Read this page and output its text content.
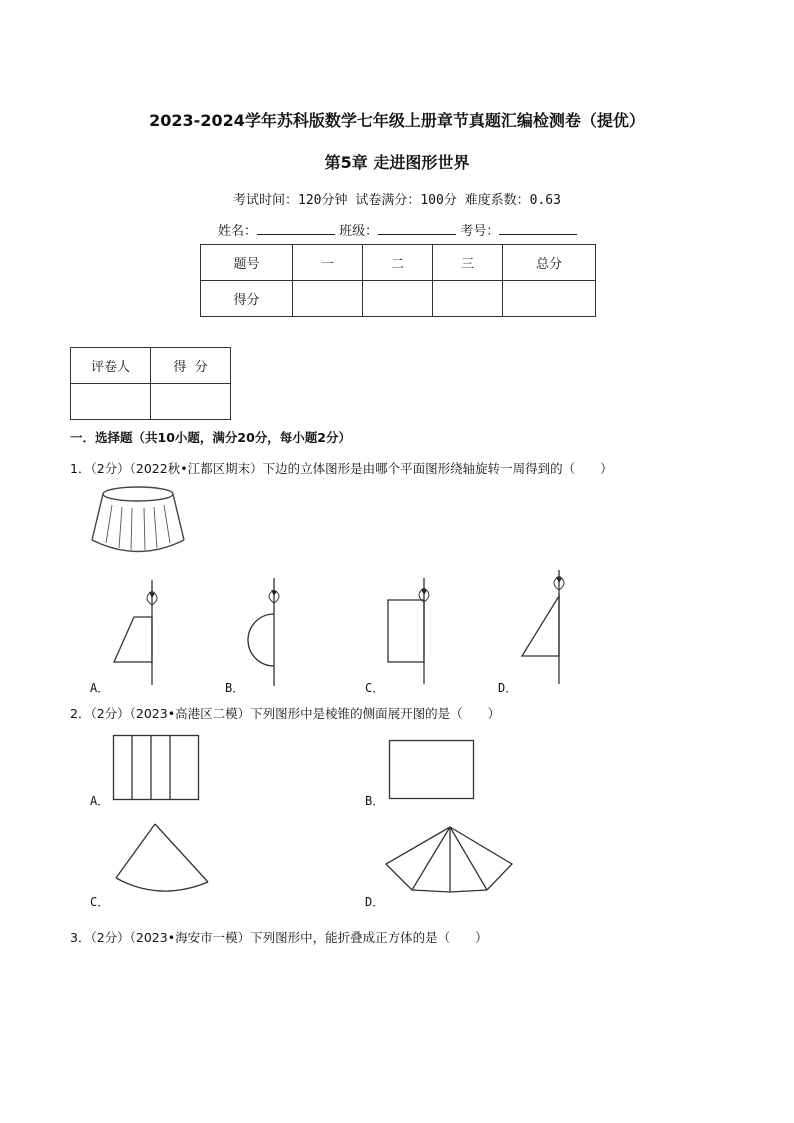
2023-2024学年苏科版数学七年级上册章节真题汇编检测卷（提优）
第5章 走进图形世界
考试时间：120分钟 试卷满分：100分 难度系数：0.63
姓名：	班级：	考号：
题号	一	二	三	总分
得分				
评卷人	得  分

一．选择题（共10小题，满分20分，每小题2分）
1．（2分）（2022秋•江都区期末）下边的立体图形是由哪个平面图形绕轴旋转一周得到的（　　）
A．	B．	C．	D．
2．（2分）（2023•高港区二模）下列图形中是棱锥的侧面展开图的是（　　）
A．	B．
C．	D．
3．（2分）（2023•海安市一模）下列图形中，能折叠成正方体的是（　　）
